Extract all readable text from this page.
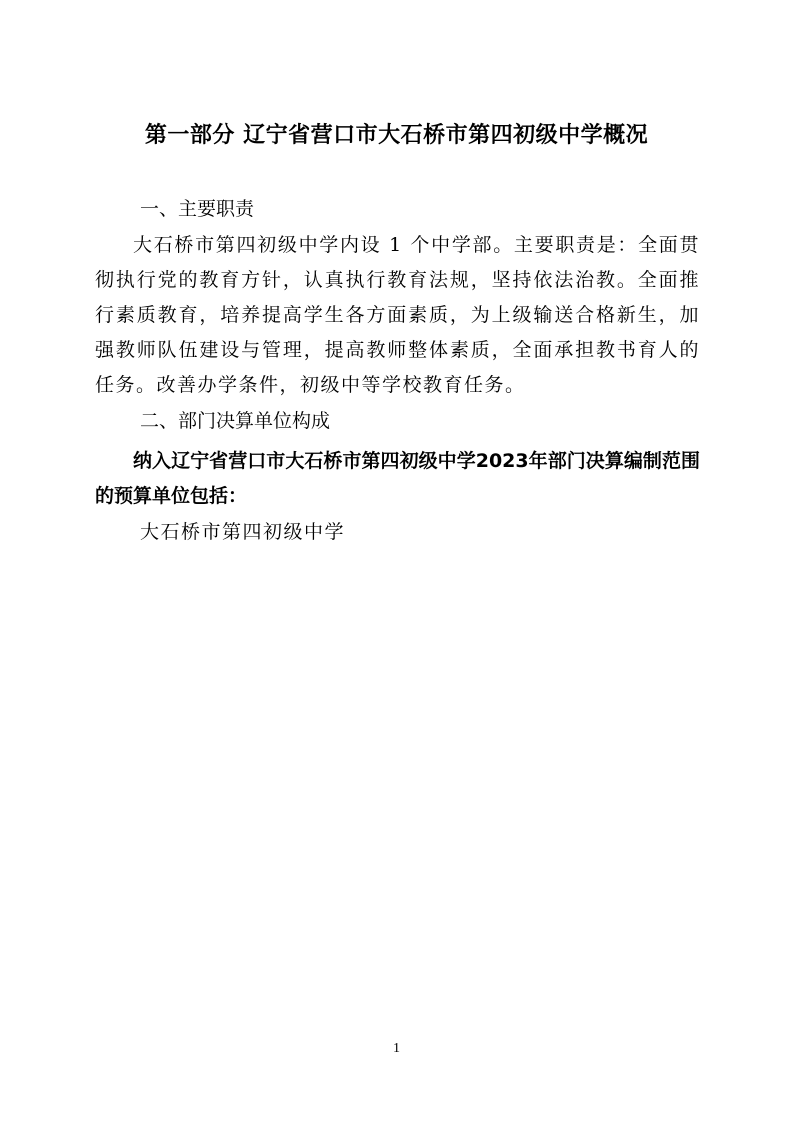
第一部分 辽宁省营口市大石桥市第四初级中学概况
一、主要职责
大石桥市第四初级中学内设 1 个中学部。主要职责是：全面贯彻执行党的教育方针，认真执行教育法规，坚持依法治教。全面推行素质教育，培养提高学生各方面素质，为上级输送合格新生，加强教师队伍建设与管理，提高教师整体素质，全面承担教书育人的任务。改善办学条件，初级中等学校教育任务。
二、部门决算单位构成
纳入辽宁省营口市大石桥市第四初级中学2023年部门决算编制范围的预算单位包括：
大石桥市第四初级中学
1
